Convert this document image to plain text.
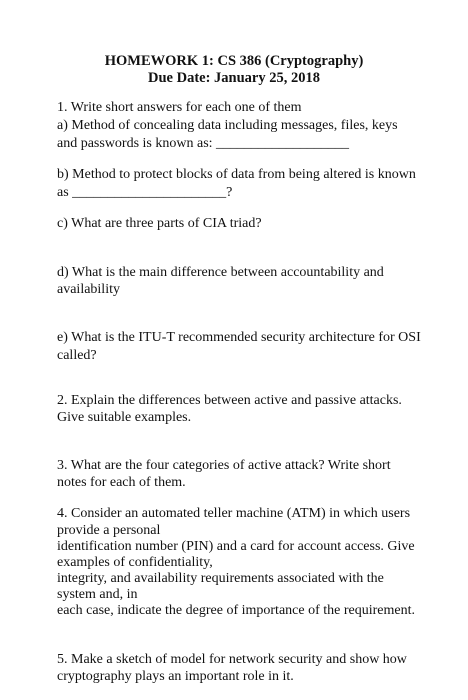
HOMEWORK 1: CS 386 (Cryptography)
Due Date: January 25, 2018
1. Write short answers for each one of them
a) Method of concealing data including messages, files, keys
and passwords is known as: ___________________
b) Method to protect blocks of data from being altered is known
as ______________________?
c) What are three parts of CIA triad?
d) What is the main difference between accountability and
availability
e) What is the ITU-T recommended security architecture for OSI
called?
2. Explain the differences between active and passive attacks.
Give suitable examples.
3. What are the four categories of active attack? Write short
notes for each of them.
4. Consider an automated teller machine (ATM) in which users
provide a personal
identification number (PIN) and a card for account access. Give
examples of confidentiality,
integrity, and availability requirements associated with the
system and, in
each case, indicate the degree of importance of the requirement.
5. Make a sketch of model for network security and show how
cryptography plays an important role in it.
